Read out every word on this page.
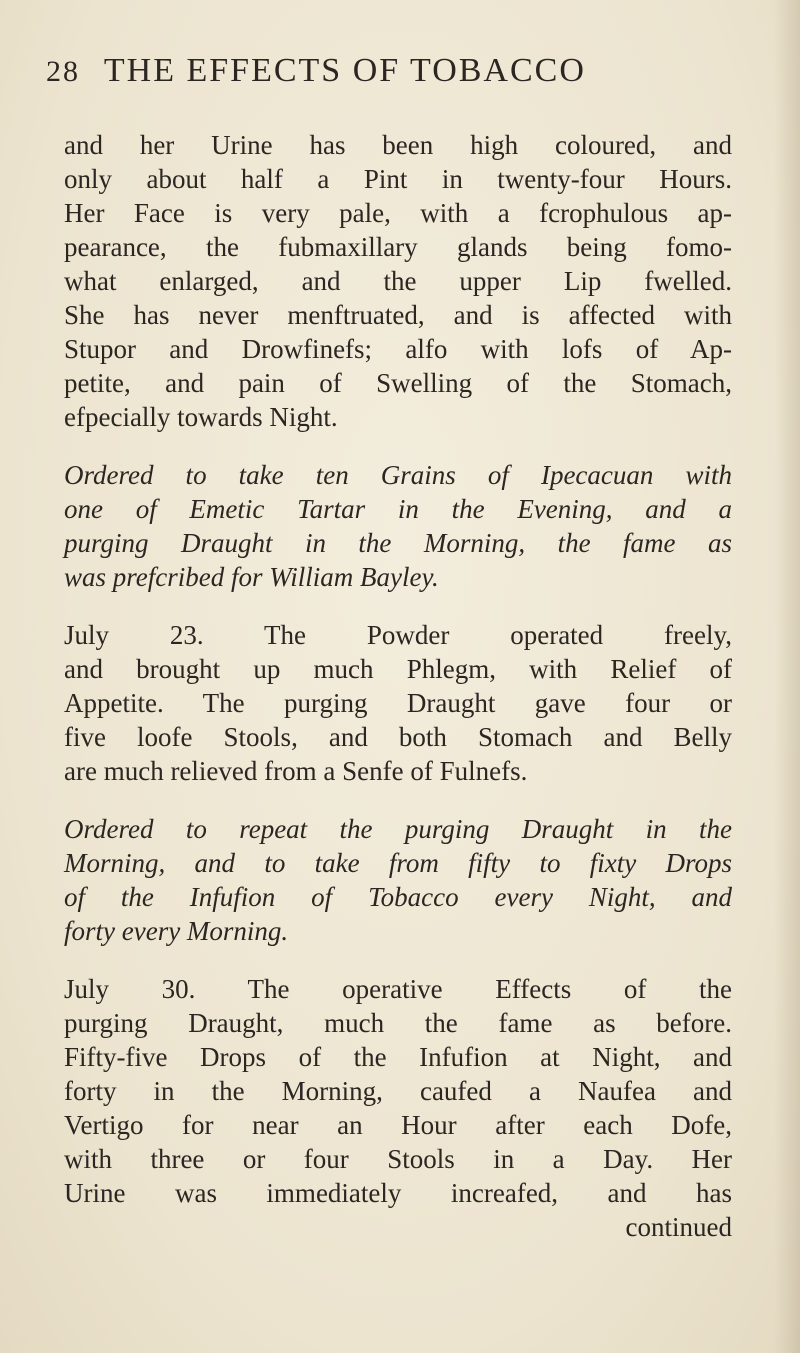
28 THE EFFECTS OF TOBACCO
and her Urine has been high coloured, and
only about half a Pint in twenty-four Hours.
Her Face is very pale, with a fcrophulous ap-
pearance, the fubmaxillary glands being fomo-
what enlarged, and the upper Lip fwelled.
She has never menftruated, and is affected with
Stupor and Drowfinefs; alfo with lofs of Ap-
petite, and pain of Swelling of the Stomach,
efpecially towards Night.
Ordered to take ten Grains of Ipecacuan with
one of Emetic Tartar in the Evening, and a
purging Draught in the Morning, the fame as
was prefcribed for William Bayley.
July 23. The Powder operated freely,
and brought up much Phlegm, with Relief of
Appetite. The purging Draught gave four or
five loofe Stools, and both Stomach and Belly
are much relieved from a Senfe of Fulnefs.
Ordered to repeat the purging Draught in the
Morning, and to take from fifty to fixty Drops
of the Infufion of Tobacco every Night, and
forty every Morning.
July 30. The operative Effects of the
purging Draught, much the fame as before.
Fifty-five Drops of the Infufion at Night, and
forty in the Morning, caufed a Naufea and
Vertigo for near an Hour after each Dofe,
with three or four Stools in a Day. Her
Urine was immediately increafed, and has
continued
